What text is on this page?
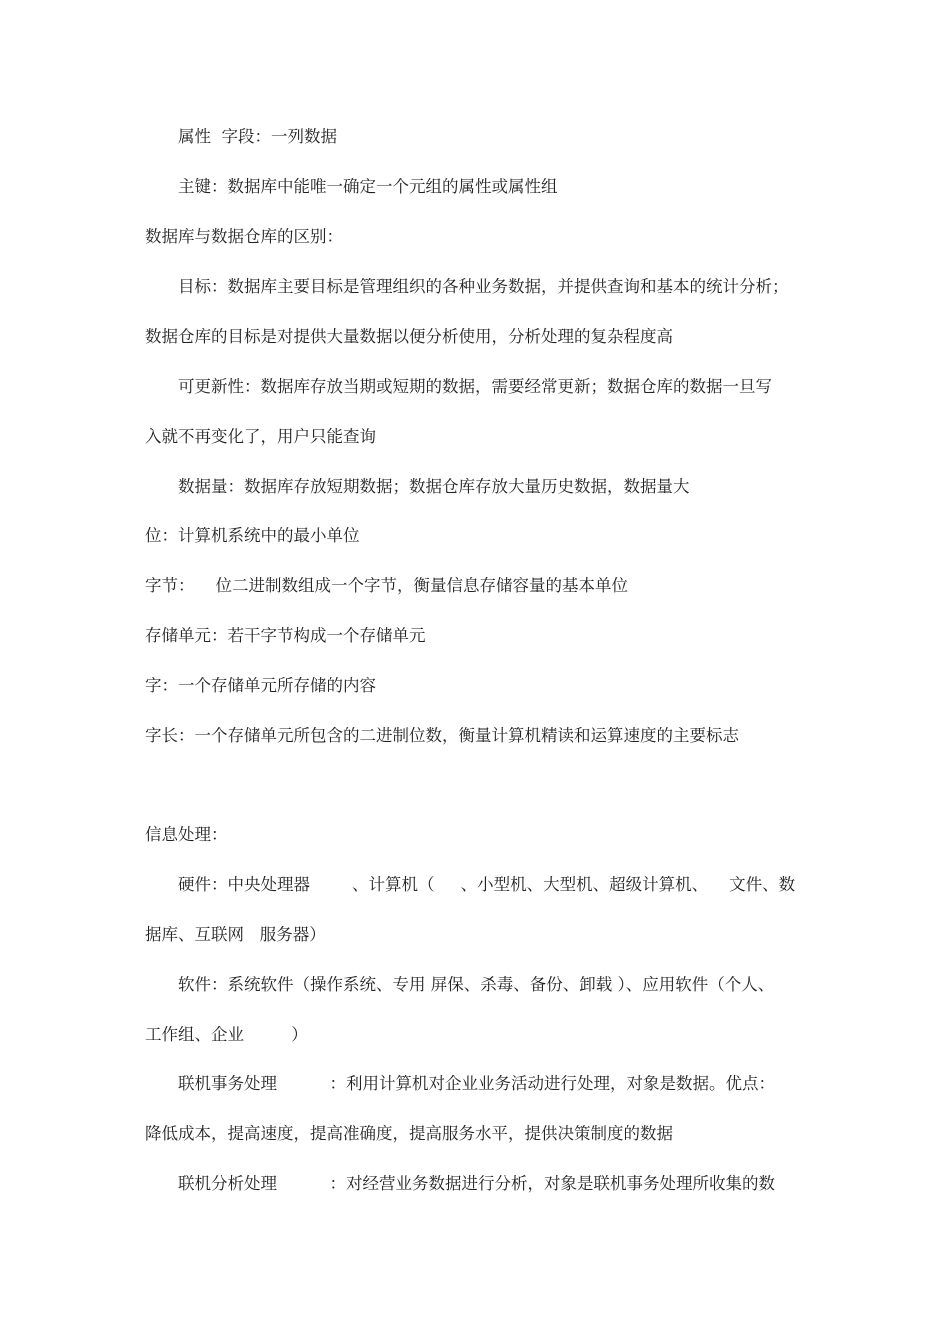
属性  字段：一列数据
主键：数据库中能唯一确定一个元组的属性或属性组
数据库与数据仓库的区别：
目标：数据库主要目标是管理组织的各种业务数据，并提供查询和基本的统计分析；
数据仓库的目标是对提供大量数据以便分析使用，分析处理的复杂程度高
可更新性：数据库存放当期或短期的数据，需要经常更新；数据仓库的数据一旦写
入就不再变化了，用户只能查询
数据量：数据库存放短期数据；数据仓库存放大量历史数据，数据量大
位：计算机系统中的最小单位
字节：    位二进制数组成一个字节，衡量信息存储容量的基本单位
存储单元：若干字节构成一个存储单元
字：一个存储单元所存储的内容
字长：一个存储单元所包含的二进制位数，衡量计算机精读和运算速度的主要标志
信息处理：
硬件：中央处理器        、计算机（     、小型机、大型机、超级计算机、    文件、数
据库、互联网   服务器）
软件：系统软件（操作系统、专用 屏保、杀毒、备份、卸载 ）、应用软件（个人、
工作组、企业         ）
联机事务处理          ：利用计算机对企业业务活动进行处理，对象是数据。优点：
降低成本，提高速度，提高准确度，提高服务水平，提供决策制度的数据
联机分析处理          ：对经营业务数据进行分析，对象是联机事务处理所收集的数
